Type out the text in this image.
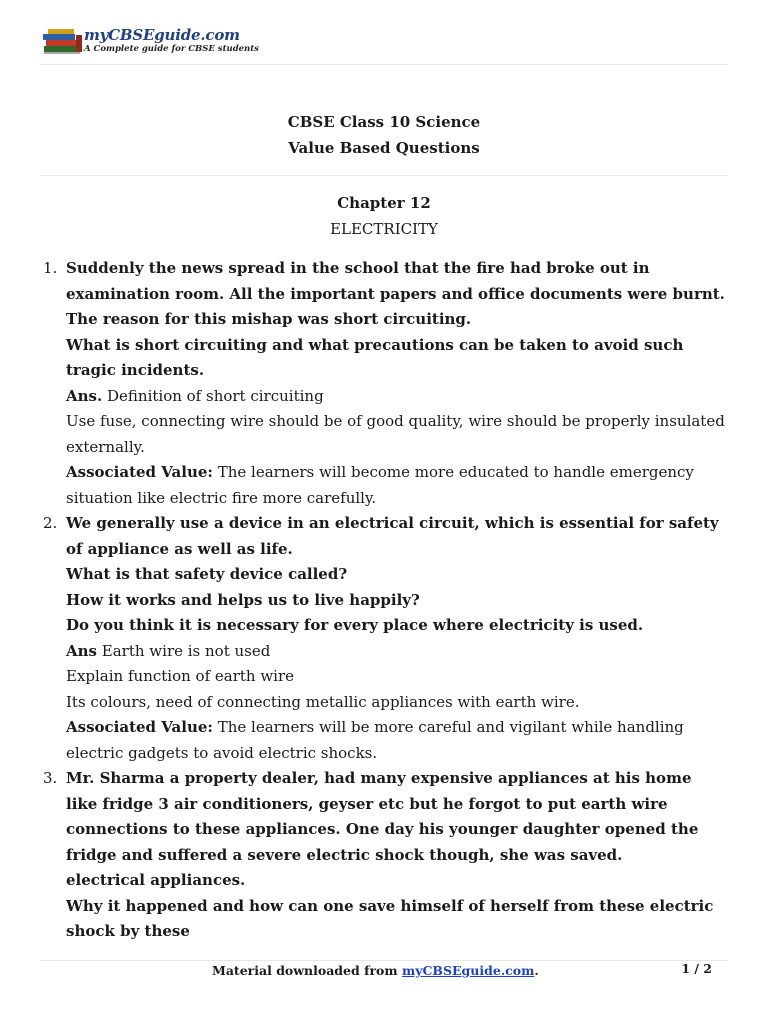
myCBSEguide.com
A Complete guide for CBSE students
CBSE Class 10 Science
Value Based Questions
Chapter 12
ELECTRICITY
1. Suddenly the news spread in the school that the fire had broke out in examination room. All the important papers and office documents were burnt. The reason for this mishap was short circuiting.
What is short circuiting and what precautions can be taken to avoid such tragic incidents.
Ans. Definition of short circuiting
Use fuse, connecting wire should be of good quality, wire should be properly insulated externally.
Associated Value: The learners will become more educated to handle emergency situation like electric fire more carefully.
2. We generally use a device in an electrical circuit, which is essential for safety of appliance as well as life.
What is that safety device called?
How it works and helps us to live happily?
Do you think it is necessary for every place where electricity is used.
Ans Earth wire is not used
Explain function of earth wire
Its colours, need of connecting metallic appliances with earth wire.
Associated Value: The learners will be more careful and vigilant while handling electric gadgets to avoid electric shocks.
3. Mr. Sharma a property dealer, had many expensive appliances at his home like fridge 3 air conditioners, geyser etc but he forgot to put earth wire connections to these appliances. One day his younger daughter opened the fridge and suffered a severe electric shock though, she was saved.
electrical appliances.
Why it happened and how can one save himself of herself from these electric shock by these
Material downloaded from myCBSEguide.com.	1 / 2
